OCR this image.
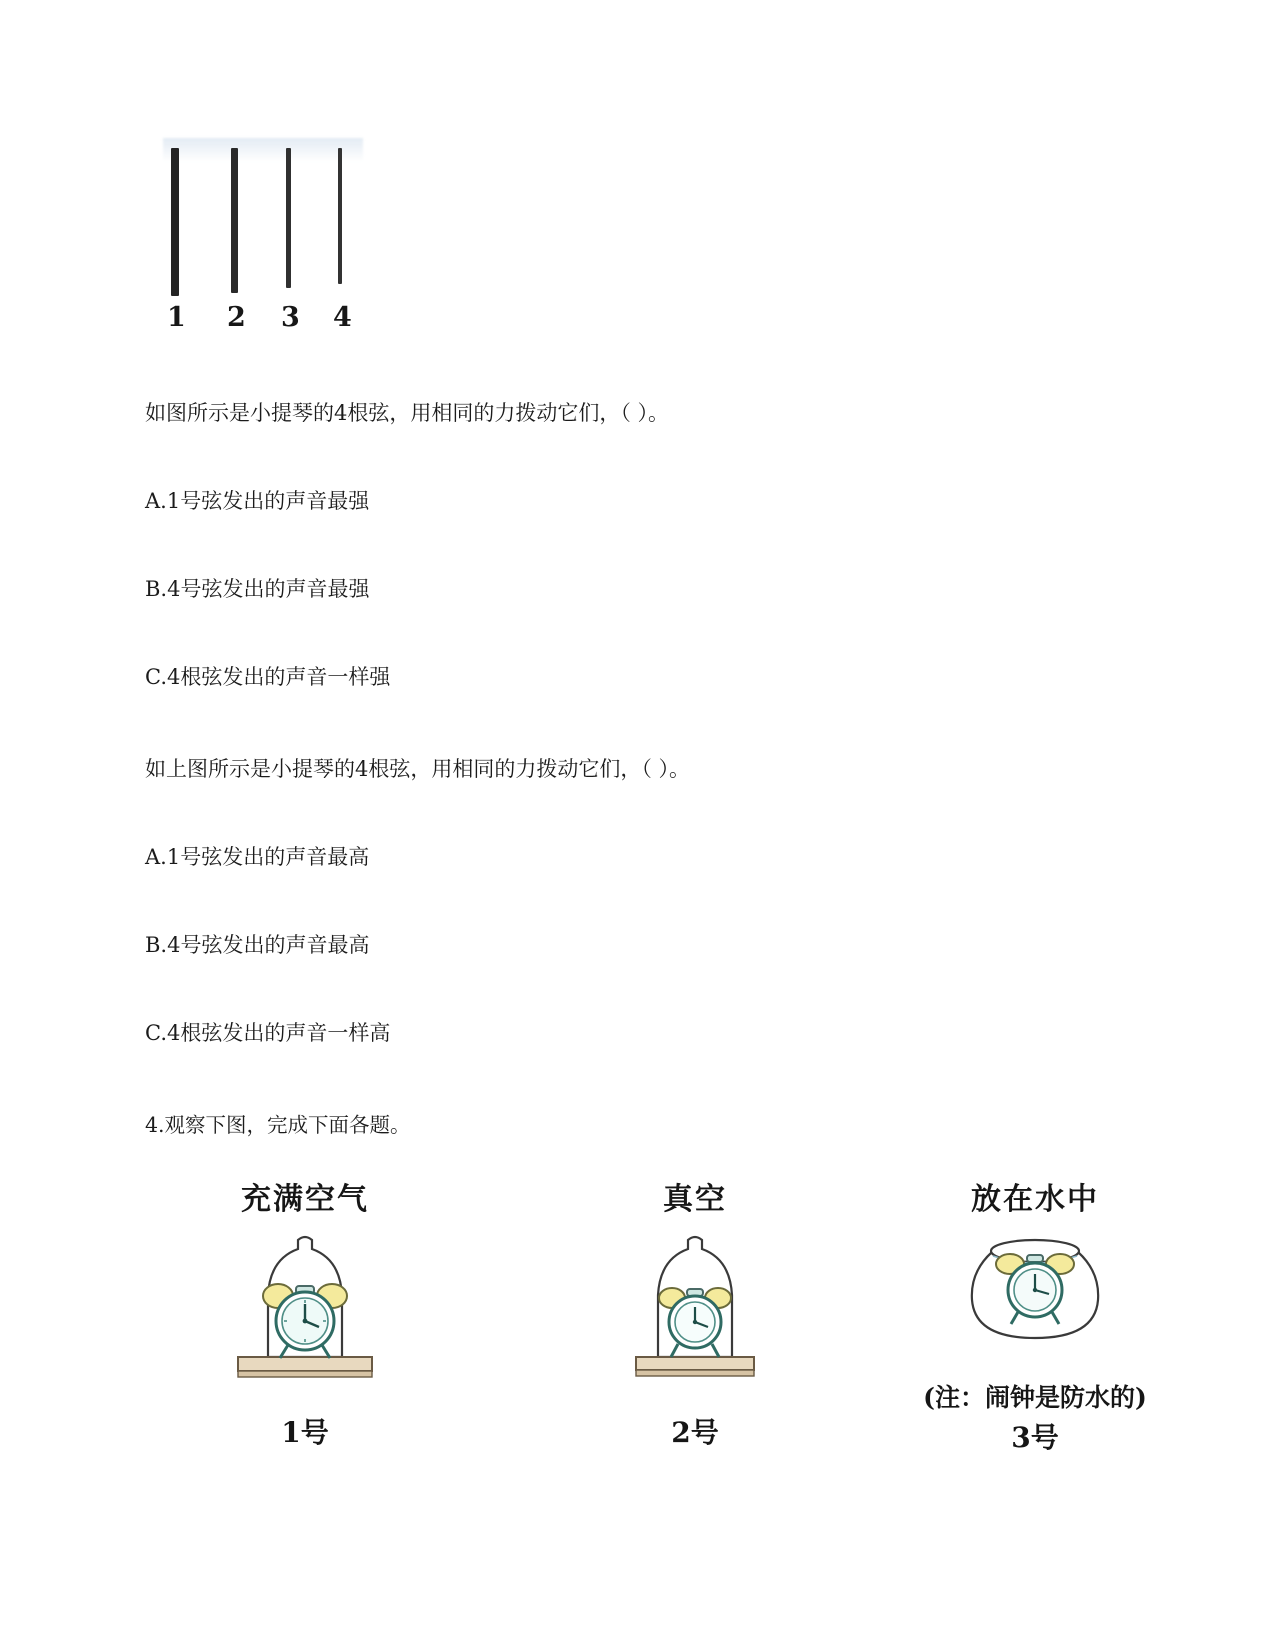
1 2 3 4

如图所示是小提琴的4根弦，用相同的力拨动它们，（ ）。

A.1号弦发出的声音最强

B.4号弦发出的声音最强

C.4根弦发出的声音一样强

如上图所示是小提琴的4根弦，用相同的力拨动它们，（ ）。

A.1号弦发出的声音最高

B.4号弦发出的声音最高

C.4根弦发出的声音一样高

4.观察下图，完成下面各题。

充满空气
1号
真空
2号
放在水中
(注：闹钟是防水的)
3号
